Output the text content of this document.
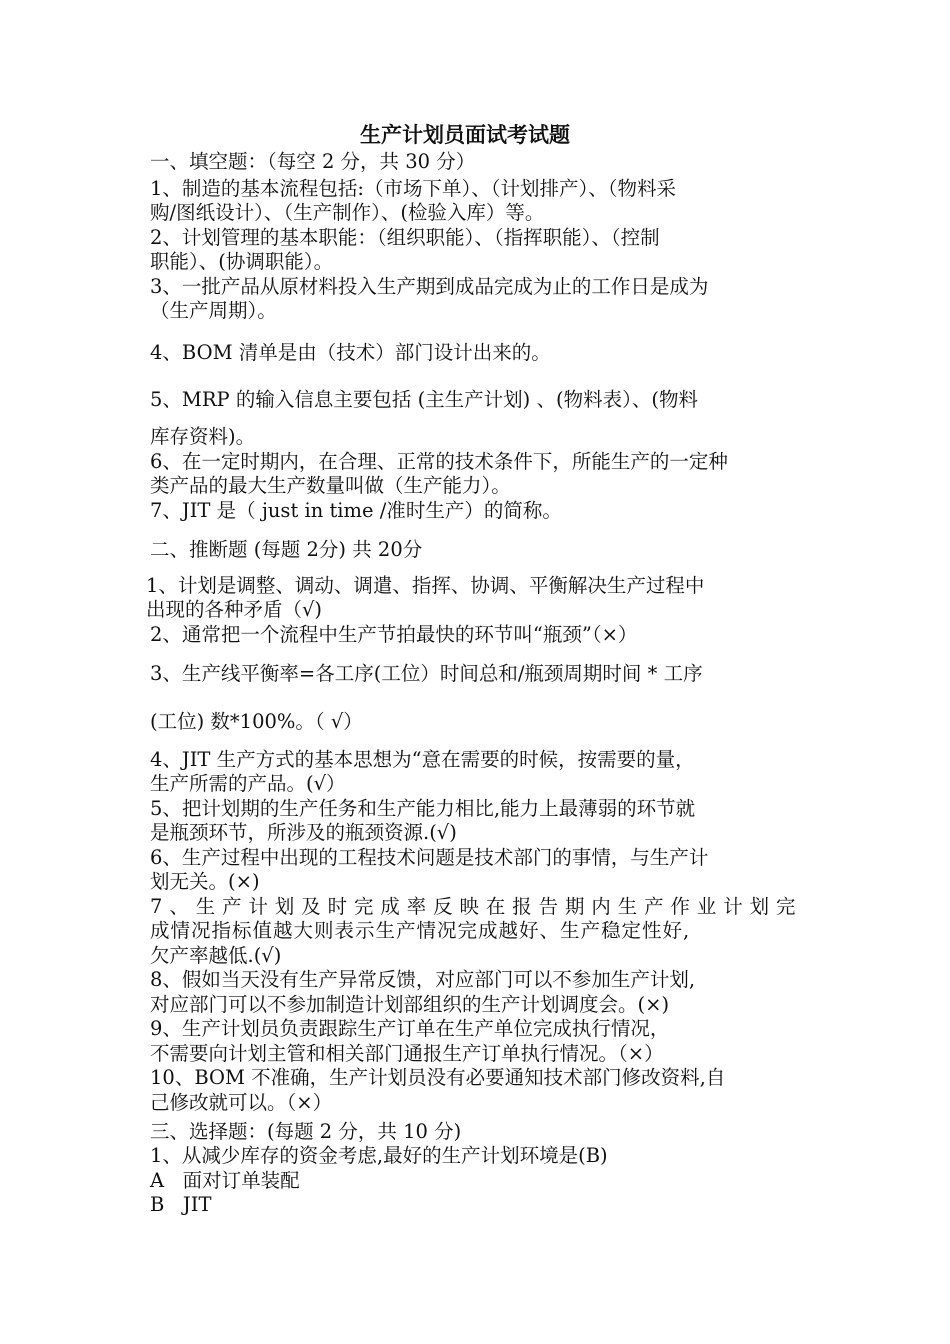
生产计划员面试考试题
一、填空题：（每空 2 分，共 30 分）
1、制造的基本流程包括:（市场下单）、（计划排产）、（物料采
购/图纸设计）、（生产制作）、(检验入库）等。
2、计划管理的基本职能：（组织职能）、（指挥职能）、（控制
职能）、(协调职能）。
3、一批产品从原材料投入生产期到成品完成为止的工作日是成为
（生产周期）。
4、BOM 清单是由（技术）部门设计出来的。
5、MRP 的输入信息主要包括 (主生产计划) 、(物料表）、(物料
库存资料)。
6、在一定时期内，在合理、正常的技术条件下，所能生产的一定种
类产品的最大生产数量叫做（生产能力）。
7、JIT 是（ just in time /准时生产）的简称。
二、推断题 (每题 2分) 共 20分
1、计划是调整、调动、调遣、指挥、协调、平衡解决生产过程中
出现的各种矛盾（√)
2、通常把一个流程中生产节拍最快的环节叫“瓶颈”（×）
3、生产线平衡率=各工序(工位）时间总和/瓶颈周期时间 * 工序
(工位) 数*100%。（ √）
4、JIT 生产方式的基本思想为“意在需要的时候，按需要的量，
生产所需的产品。(√）
5、把计划期的生产任务和生产能力相比,能力上最薄弱的环节就
是瓶颈环节，所涉及的瓶颈资源.(√)
6、生产过程中出现的工程技术问题是技术部门的事情，与生产计
划无关。(×)
7、生产计划及时完成率反映在报告期内生产作业计划完
成情况指标值越大则表示生产情况完成越好、生产稳定性好,
欠产率越低.(√)
8、假如当天没有生产异常反馈，对应部门可以不参加生产计划,
对应部门可以不参加制造计划部组织的生产计划调度会。(×)
9、生产计划员负责跟踪生产订单在生产单位完成执行情况，
不需要向计划主管和相关部门通报生产订单执行情况。（×）
10、BOM 不准确，生产计划员没有必要通知技术部门修改资料,自
己修改就可以。（×）
三、选择题：(每题 2 分，共 10 分)
1、从减少库存的资金考虑,最好的生产计划环境是(B)
A   面对订单装配
B   JIT
